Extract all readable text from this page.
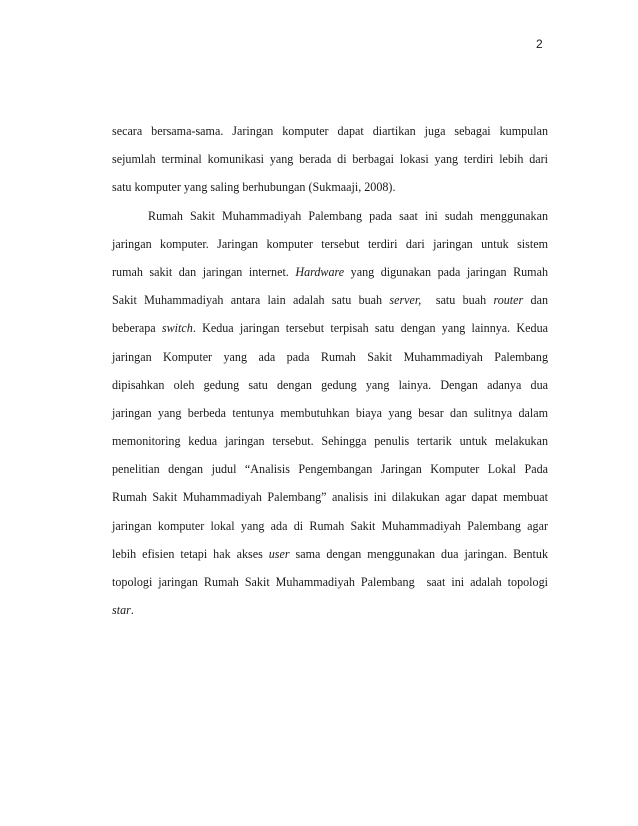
2
secara bersama-sama. Jaringan komputer dapat diartikan juga sebagai kumpulan
sejumlah terminal komunikasi yang berada di berbagai lokasi yang terdiri lebih dari
satu komputer yang saling berhubungan (Sukmaaji, 2008).
Rumah Sakit Muhammadiyah Palembang pada saat ini sudah menggunakan
jaringan komputer. Jaringan komputer tersebut terdiri dari jaringan untuk sistem
rumah sakit dan jaringan internet. Hardware yang digunakan pada jaringan Rumah
Sakit Muhammadiyah antara lain adalah satu buah server,  satu buah router dan
beberapa switch. Kedua jaringan tersebut terpisah satu dengan yang lainnya. Kedua
jaringan Komputer yang ada pada Rumah Sakit Muhammadiyah Palembang
dipisahkan oleh gedung satu dengan gedung yang lainya. Dengan adanya dua
jaringan yang berbeda tentunya membutuhkan biaya yang besar dan sulitnya dalam
memonitoring kedua jaringan tersebut. Sehingga penulis tertarik untuk melakukan
penelitian dengan judul “Analisis Pengembangan Jaringan Komputer Lokal Pada
Rumah Sakit Muhammadiyah Palembang” analisis ini dilakukan agar dapat membuat
jaringan komputer lokal yang ada di Rumah Sakit Muhammadiyah Palembang agar
lebih efisien tetapi hak akses user sama dengan menggunakan dua jaringan. Bentuk
topologi jaringan Rumah Sakit Muhammadiyah Palembang  saat ini adalah topologi
star.
